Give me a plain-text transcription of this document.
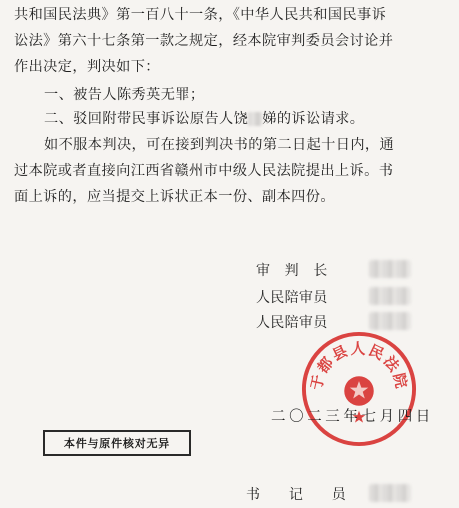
共和国民法典》第一百八十一条，《中华人民共和国民事诉
讼法》第六十七条第一款之规定，经本院审判委员会讨论并
作出决定，判决如下：
一、被告人陈秀英无罪；
二、驳回附带民事诉讼原告人饶 娣的诉讼请求。
如不服本判决，可在接到判决书的第二日起十日内，通
过本院或者直接向江西省赣州市中级人民法院提出上诉。书
面上诉的，应当提交上诉状正本一份、副本四份。
审　判　长
人民陪审员
人民陪审员
于都县人民法院
二〇二三年七月四日
本件与原件核对无异
书　　记　　员
